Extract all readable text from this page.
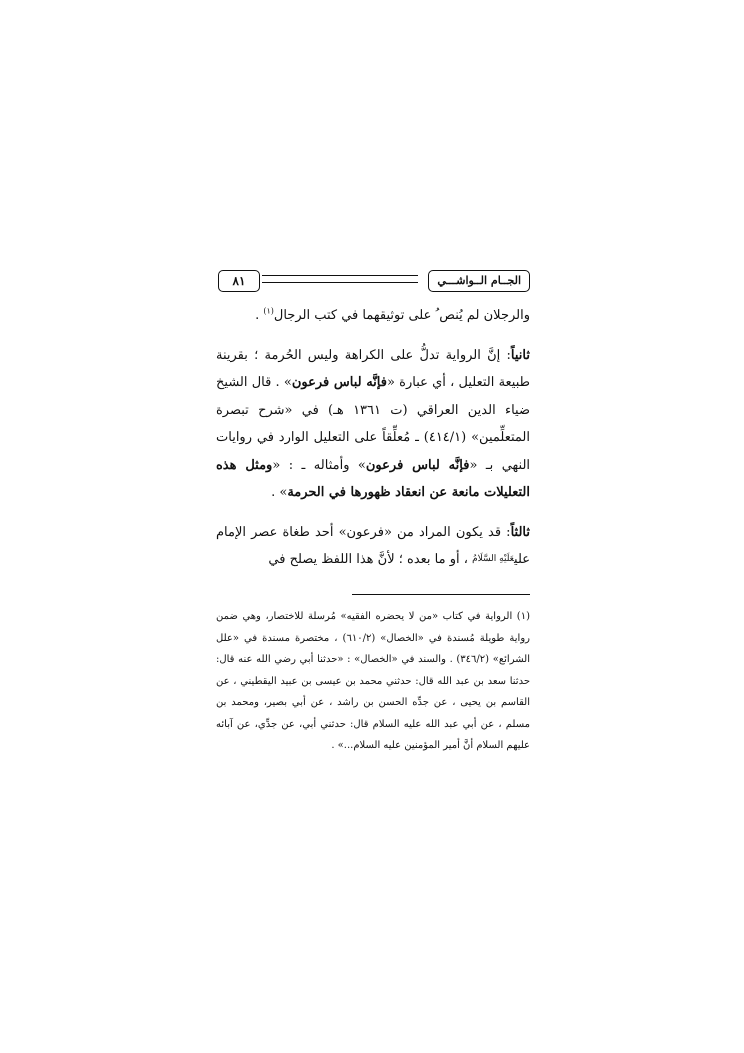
الجــام الــواشـــي
٨١

والرجلان لم يُنص ُ على توثيقهما في كتب الرجال$^{(١)}$ .

ثانياً: إنَّ الرواية تدلُّ على الكراهة وليس الحُرمة ؛ بقرينة طبيعة التعليل ، أي عبارة «فإنَّه لباس فرعون» . قال الشيخ ضياء الدين العراقي (ت ١٣٦١ هـ) في «شرح تبصرة المتعلِّمين» (٤١٤/١) ـ مُعلِّقاً على التعليل الوارد في روايات النهي بـ «فإنَّه لباس فرعون» وأمثاله ـ : «ومثل هذه التعليلات مانعة عن انعقاد ظهورها في الحرمة» .

ثالثاً: قد يكون المراد من «فرعون» أحد طغاة عصر الإمام علي$^{عَلَيْهِ السَّلَامُ}$ ، أو ما بعده ؛ لأنَّ هذا اللفظ يصلح في

(١) الرواية في كتاب «من لا يحضره الفقيه» مُرسلة للاختصار، وهي ضمن رواية طويلة مُسندة في «الخصال» (٦١٠/٢) ، مختصرة مسندة في «علل الشرائع» (٣٤٦/٢) . والسند في «الخصال» : «حدثنا أبي رضي الله عنه قال: حدثنا سعد بن عبد الله قال: حدثني محمد بن عيسى بن عبيد اليقطيني ، عن القاسم بن يحيى ، عن جدِّه الحسن بن راشد ، عن أبي بصير، ومحمد بن مسلم ، عن أبي عبد الله عليه السلام قال: حدثني أبي، عن جدِّي، عن آبائه عليهم السلام أنَّ أمير المؤمنين عليه السلام...» .
